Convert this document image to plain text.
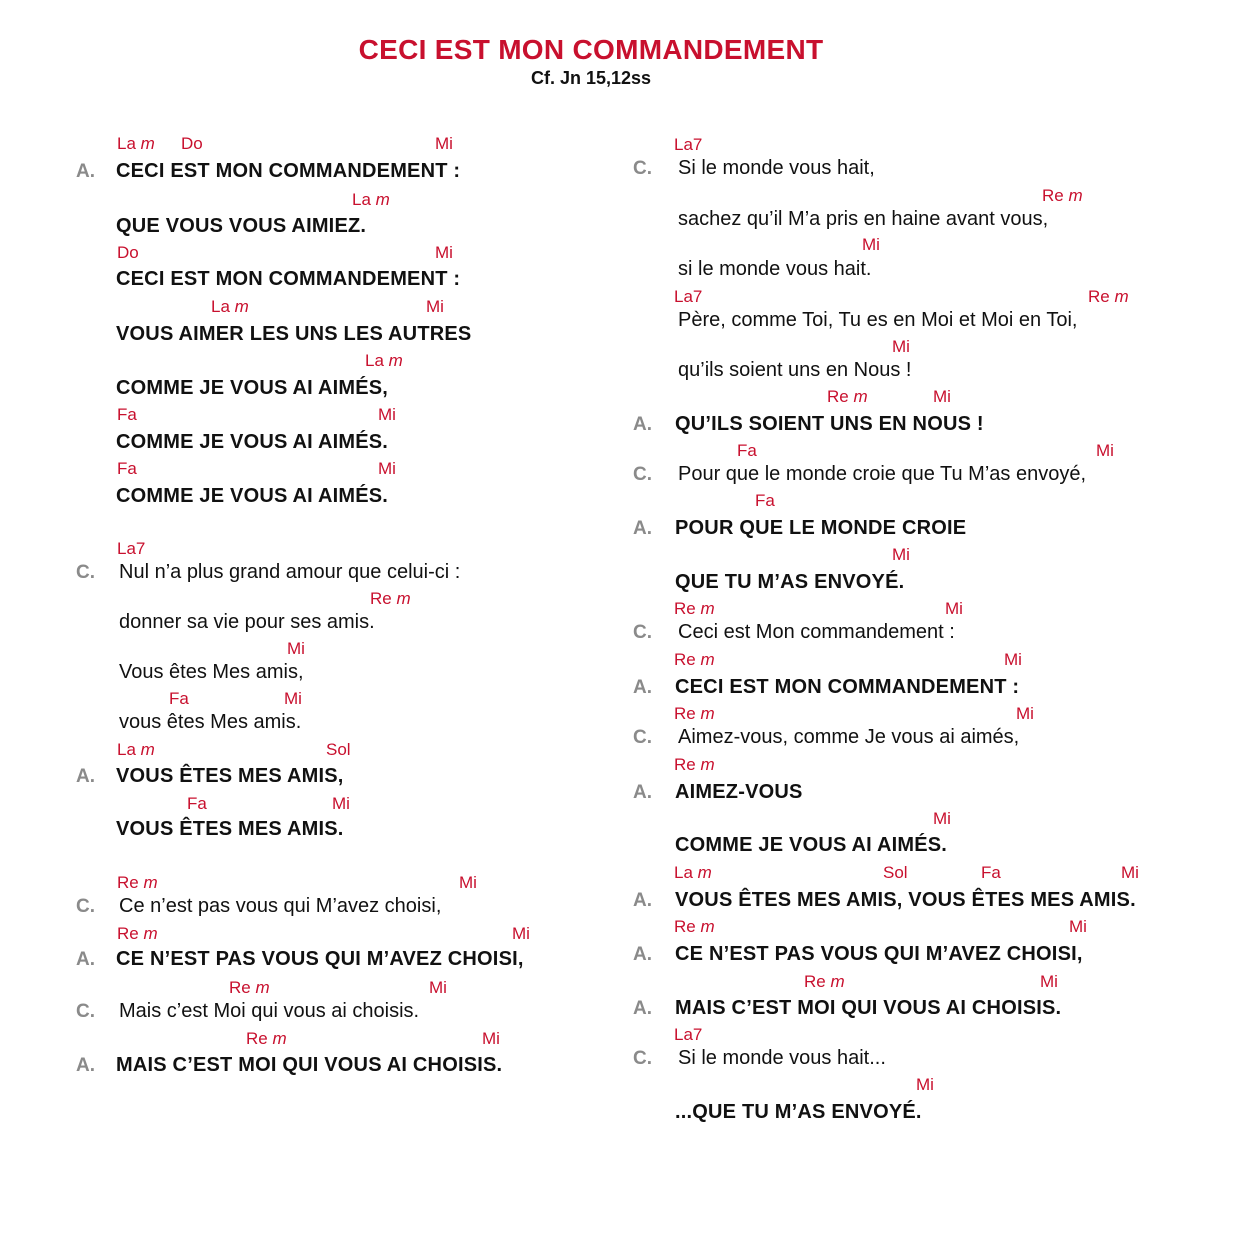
CECI EST MON COMMANDEMENT
Cf. Jn 15,12ss
La m Do	Mi
A. CECI EST MON COMMANDEMENT :
La m
QUE VOUS VOUS AIMIEZ.
Do	Mi
CECI EST MON COMMANDEMENT :
La m	Mi
VOUS AIMER LES UNS LES AUTRES
La m
COMME JE VOUS AI AIMÉS,
Fa	Mi
COMME JE VOUS AI AIMÉS.
Fa	Mi
COMME JE VOUS AI AIMÉS.
La7
C. Nul n’a plus grand amour que celui-ci :
Re m
donner sa vie pour ses amis.
Mi
Vous êtes Mes amis,
Fa	Mi
vous êtes Mes amis.
La m	Sol
A. VOUS ÊTES MES AMIS,
Fa	Mi
VOUS ÊTES MES AMIS.
Re m	Mi
C. Ce n’est pas vous qui M’avez choisi,
Re m	Mi
A. CE N’EST PAS VOUS QUI M’AVEZ CHOISI,
Re m	Mi
C. Mais c’est Moi qui vous ai choisis.
Re m	Mi
A. MAIS C’EST MOI QUI VOUS AI CHOISIS.
La7
C. Si le monde vous hait,
Re m
sachez qu’il M’a pris en haine avant vous,
Mi
si le monde vous hait.
La7	Re m
Père, comme Toi, Tu es en Moi et Moi en Toi,
Mi
qu’ils soient uns en Nous !
Re m	Mi
A. QU’ILS SOIENT UNS EN NOUS !
Fa	Mi
C. Pour que le monde croie que Tu M’as envoyé,
Fa
A. POUR QUE LE MONDE CROIE
Mi
QUE TU M’AS ENVOYÉ.
Re m	Mi
C. Ceci est Mon commandement :
Re m	Mi
A. CECI EST MON COMMANDEMENT :
Re m	Mi
C. Aimez-vous, comme Je vous ai aimés,
Re m
A. AIMEZ-VOUS
Mi
COMME JE VOUS AI AIMÉS.
La m	Sol	Fa	Mi
A. VOUS ÊTES MES AMIS, VOUS ÊTES MES AMIS.
Re m	Mi
A. CE N’EST PAS VOUS QUI M’AVEZ CHOISI,
Re m	Mi
A. MAIS C’EST MOI QUI VOUS AI CHOISIS.
La7
C. Si le monde vous hait...
Mi
...QUE TU M’AS ENVOYÉ.
